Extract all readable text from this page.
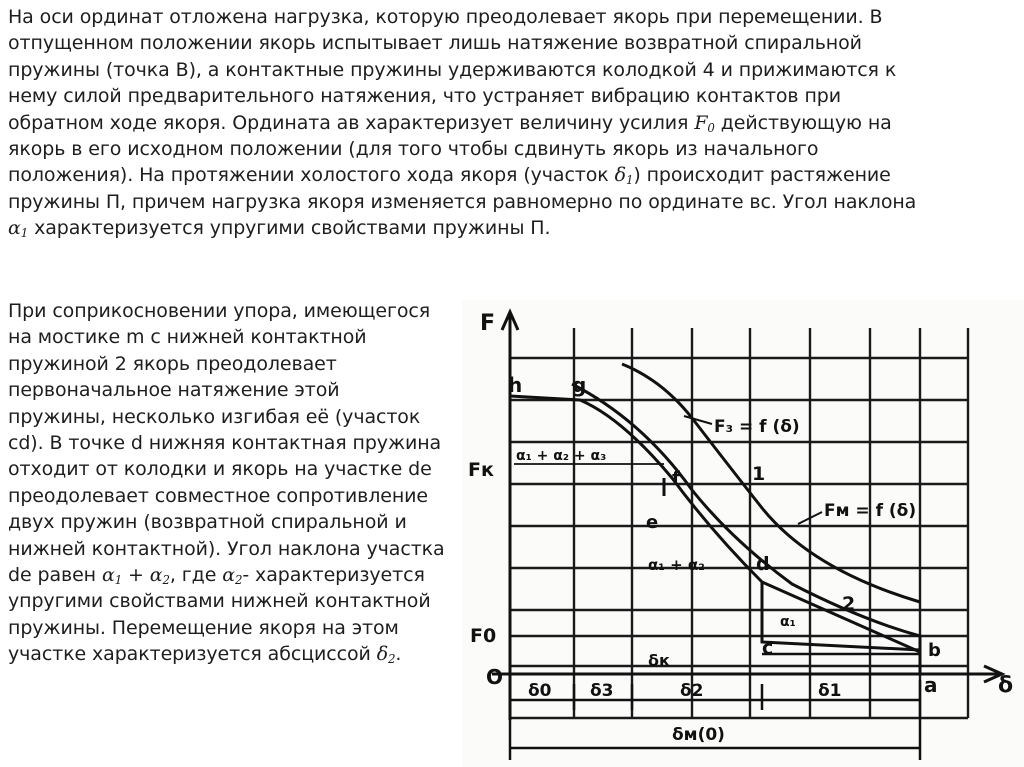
На оси ординат отложена нагрузка, которую преодолевает якорь при перемещении. В
отпущенном положении якорь испытывает лишь натяжение возвратной спиральной
пружины (точка В), а контактные пружины удерживаются колодкой 4 и прижимаются к
нему силой предварительного натяжения, что устраняет вибрацию контактов при
обратном ходе якоря. Ордината ав характеризует величину усилия $F_0$ действующую на
якорь в его исходном положении (для того чтобы сдвинуть якорь из начального
положения). На протяжении холостого хода якоря (участок $\delta_1$) происходит растяжение
пружины П, причем нагрузка якоря изменяется равномерно по ординате вс. Угол наклона
$\alpha_1$ характеризуется упругими свойствами пружины П.
При соприкосновении упора, имеющегося
на мостике m с нижней контактной
пружиной 2 якорь преодолевает
первоначальное натяжение этой
пружины, несколько изгибая её (участок
cd). В точке d нижняя контактная пружина
отходит от колодки и якорь на участке de
преодолевает совместное сопротивление
двух пружин (возвратной спиральной и
нижней контактной). Угол наклона участка
de равен $\alpha_1 + \alpha_2$, где $\alpha_2-$ характеризуется
упругими свойствами нижней контактной
пружины. Перемещение якоря на этом
участке характеризуется абсциссой $\delta_2$.
F
δ
h g
Fк
F0
O	a
b
c
d
e
f	1
2
F₃ = f (δ)
Fм = f (δ)
α₁ + α₂ + α₃
α₁ + α₂
α₁
δк
δ0 δ3	δ2	δ1
δм(0)
